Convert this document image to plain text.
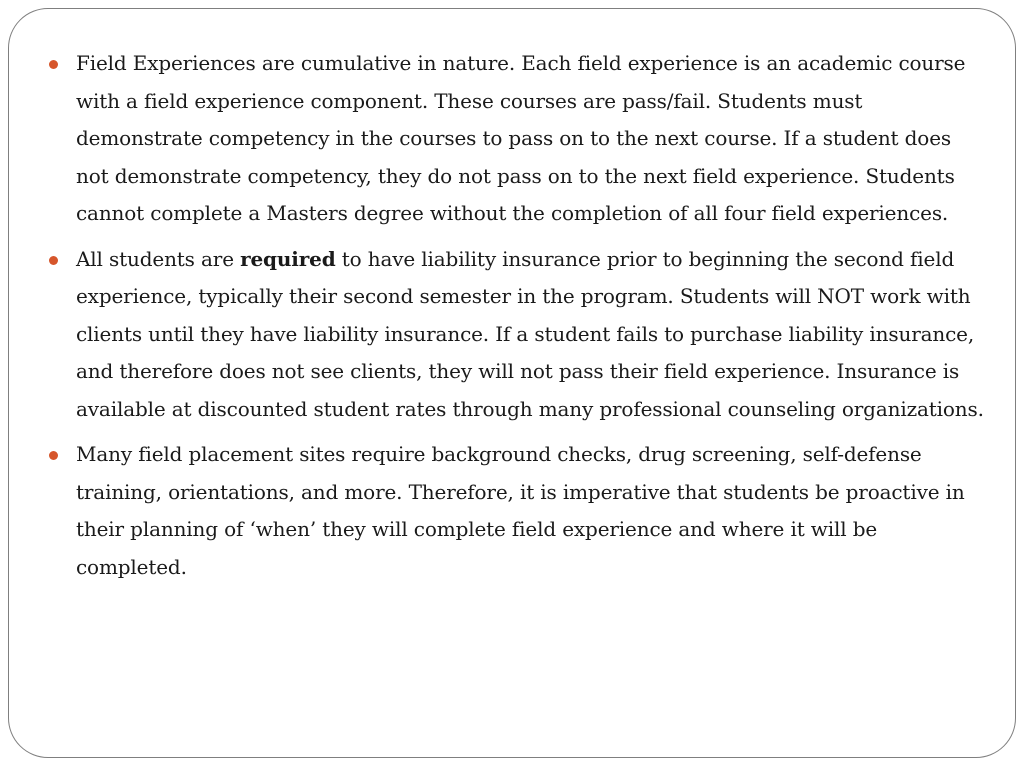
Field Experiences are cumulative in nature. Each field experience is an academic course with a field experience component. These courses are pass/fail. Students must demonstrate competency in the courses to pass on to the next course. If a student does not demonstrate competency, they do not pass on to the next field experience. Students cannot complete a Masters degree without the completion of all four field experiences.
All students are required to have liability insurance prior to beginning the second field experience, typically their second semester in the program. Students will NOT work with clients until they have liability insurance. If a student fails to purchase liability insurance, and therefore does not see clients, they will not pass their field experience. Insurance is available at discounted student rates through many professional counseling organizations.
Many field placement sites require background checks, drug screening, self-defense training, orientations, and more. Therefore, it is imperative that students be proactive in their planning of ‘when’ they will complete field experience and where it will be completed.
